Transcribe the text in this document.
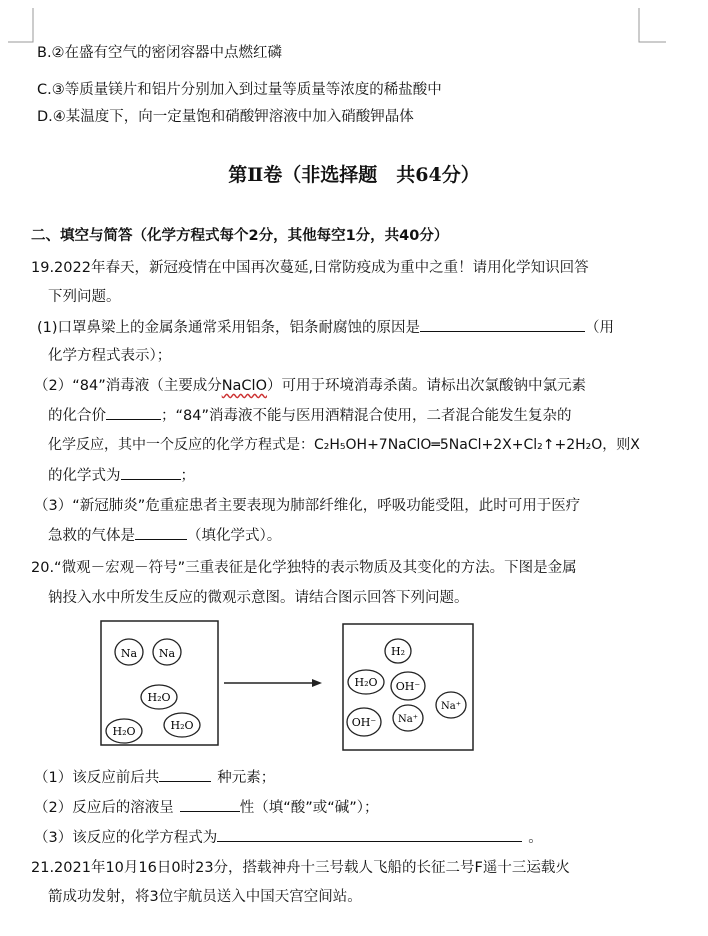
B.②在盛有空气的密闭容器中点燃红磷
C.③等质量镁片和铝片分别加入到过量等质量等浓度的稀盐酸中
D.④某温度下，向一定量饱和硝酸钾溶液中加入硝酸钾晶体
第Ⅱ卷（非选择题　共64分）
二、填空与简答（化学方程式每个2分，其他每空1分，共40分）
19.2022年春天，新冠疫情在中国再次蔓延,日常防疫成为重中之重！请用化学知识回答
下列问题。
(1)口罩鼻梁上的金属条通常采用铝条，铝条耐腐蚀的原因是	（用
化学方程式表示）；
（2）“84”消毒液（主要成分NaClO）可用于环境消毒杀菌。请标出次氯酸钠中氯元素
的化合价	；“84”消毒液不能与医用酒精混合使用，二者混合能发生复杂的
化学反应，其中一个反应的化学方程式是：C₂H₅OH+7NaClO═5NaCl+2X+Cl₂↑+2H₂O，则X
的化学式为	；
（3）“新冠肺炎”危重症患者主要表现为肺部纤维化，呼吸功能受阻，此时可用于医疗
急救的气体是	（填化学式）。
20.“微观－宏观－符号”三重表征是化学独特的表示物质及其变化的方法。下图是金属
钠投入水中所发生反应的微观示意图。请结合图示回答下列问题。
Na Na
H₂O
H₂O	H₂O
H₂
H₂O OH⁻
OH⁻
Na⁺
Na⁺
（1）该反应前后共	种元素；
（2）反应后的溶液呈	性（填“酸”或“碱”）；
（3）该反应的化学方程式为	。
21.2021年10月16日0时23分，搭载神舟十三号载人飞船的长征二号F遥十三运载火
箭成功发射，将3位宇航员送入中国天宫空间站。
